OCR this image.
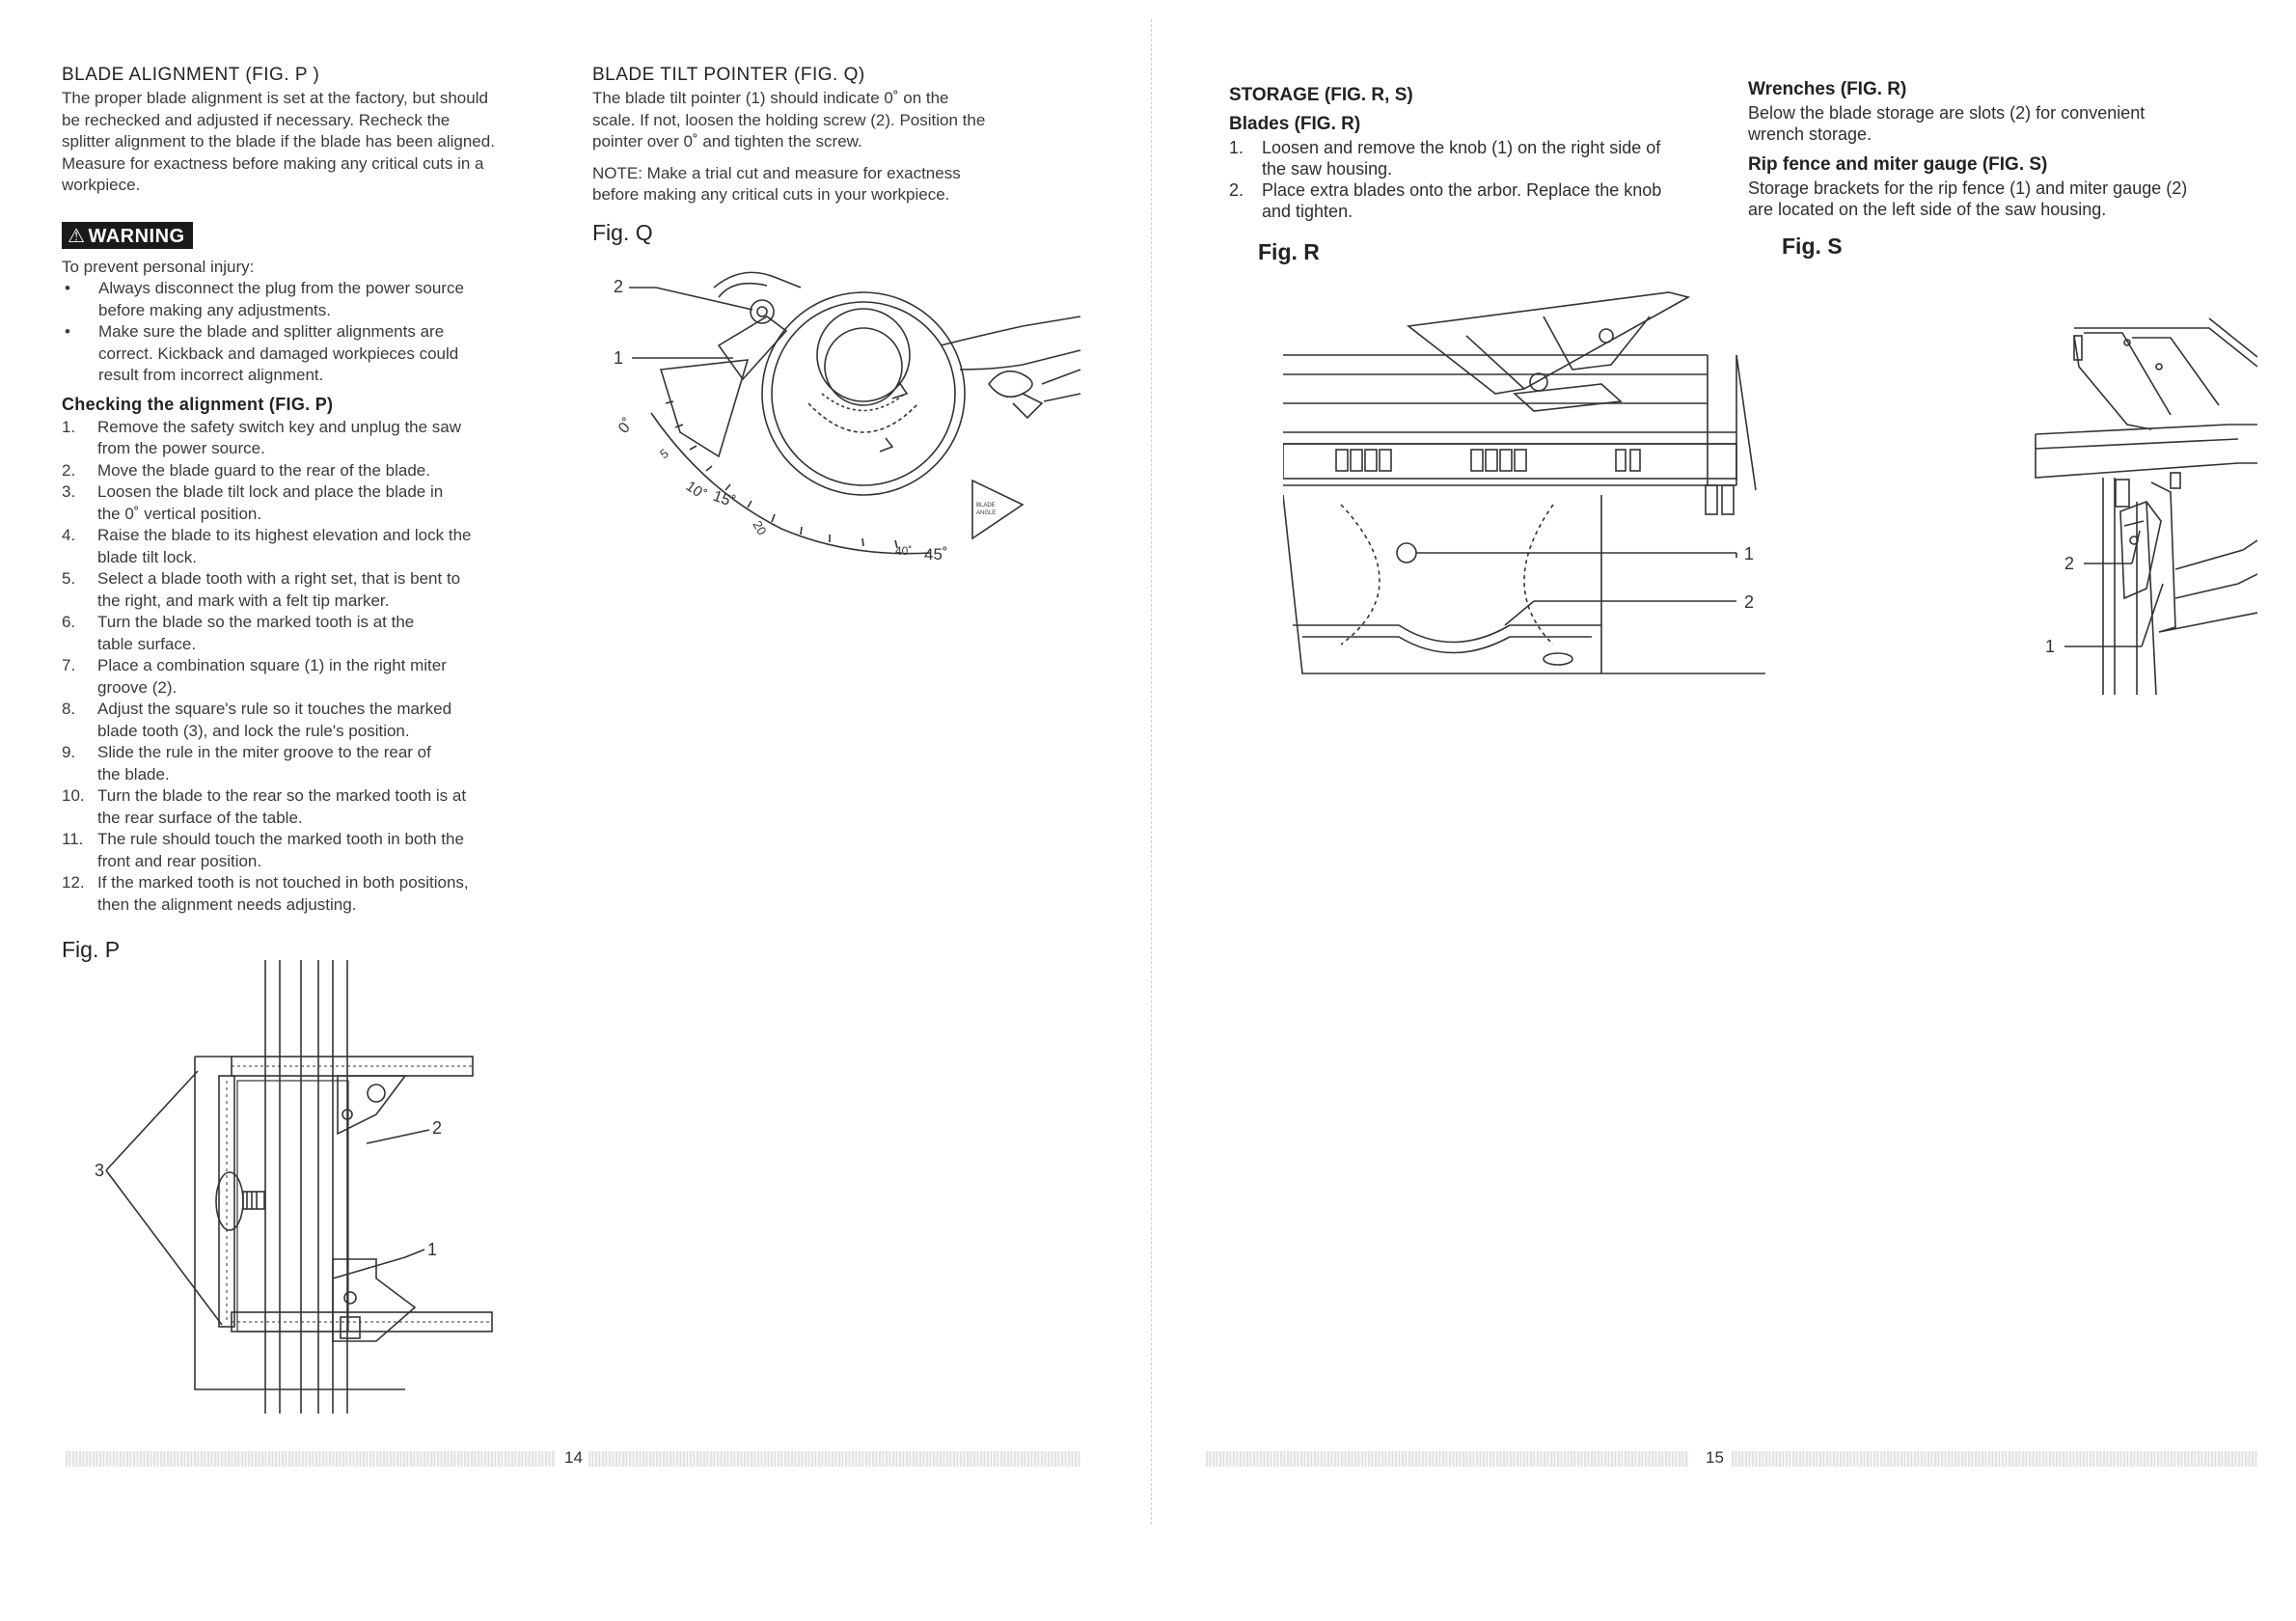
BLADE ALIGNMENT (FIG. P )

The proper blade alignment is set at the factory, but should
be rechecked and adjusted if necessary. Recheck the
splitter alignment to the blade if the blade has been aligned.
Measure for exactness before making any critical cuts in a
workpiece.

⚠ WARNING

To prevent personal injury:

• Always disconnect the plug from the power source
before making any adjustments.
• Make sure the blade and splitter alignments are
correct. Kickback and damaged workpieces could
result from incorrect alignment.
Checking the alignment (FIG. P)
1.	Remove the safety switch key and unplug the saw
from the power source.
2.	Move the blade guard to the rear of the blade.
3.	Loosen the blade tilt lock and place the blade in
the 0˚ vertical position.
4.	Raise the blade to its highest elevation and lock the
blade tilt lock.
5.	Select a blade tooth with a right set, that is bent to
the right, and mark with a felt tip marker.
6.	Turn the blade so the marked tooth is at the
table surface.
7.	Place a combination square (1) in the right miter
groove (2).
8.	Adjust the square's rule so it touches the marked
blade tooth (3), and lock the rule's position.
9.	Slide the rule in the miter groove to the rear of
the blade.
10. Turn the blade to the rear so the marked tooth is at
the rear surface of the table.
11. The rule should touch the marked tooth in both the
front and rear position.
12. If the marked tooth is not touched in both positions,
then the alignment needs adjusting.

Fig. P

3
2
1
BLADE TILT POINTER (FIG. Q)

The blade tilt pointer (1) should indicate 0˚ on the
scale. If not, loosen the holding screw (2). Position the
pointer over 0˚ and tighten the screw.

NOTE: Make a trial cut and measure for exactness
before making any critical cuts in your workpiece.

Fig. Q

2
1
0˚
5
10˚ 15˚
20
40˚ 45˚
BLADE
ANGLE
14
STORAGE (FIG. R, S)
Blades (FIG. R)
1.	Loosen and remove the knob (1) on the right side of
the saw housing.
2.	Place extra blades onto the arbor. Replace the knob
and tighten.

Fig. R

1
2
Wrenches (FIG. R)

Below the blade storage are slots (2) for convenient
wrench storage.

Rip fence and miter gauge (FIG. S)

Storage brackets for the rip fence (1) and miter gauge (2)
are located on the left side of the saw housing.

Fig. S

2
1
15
